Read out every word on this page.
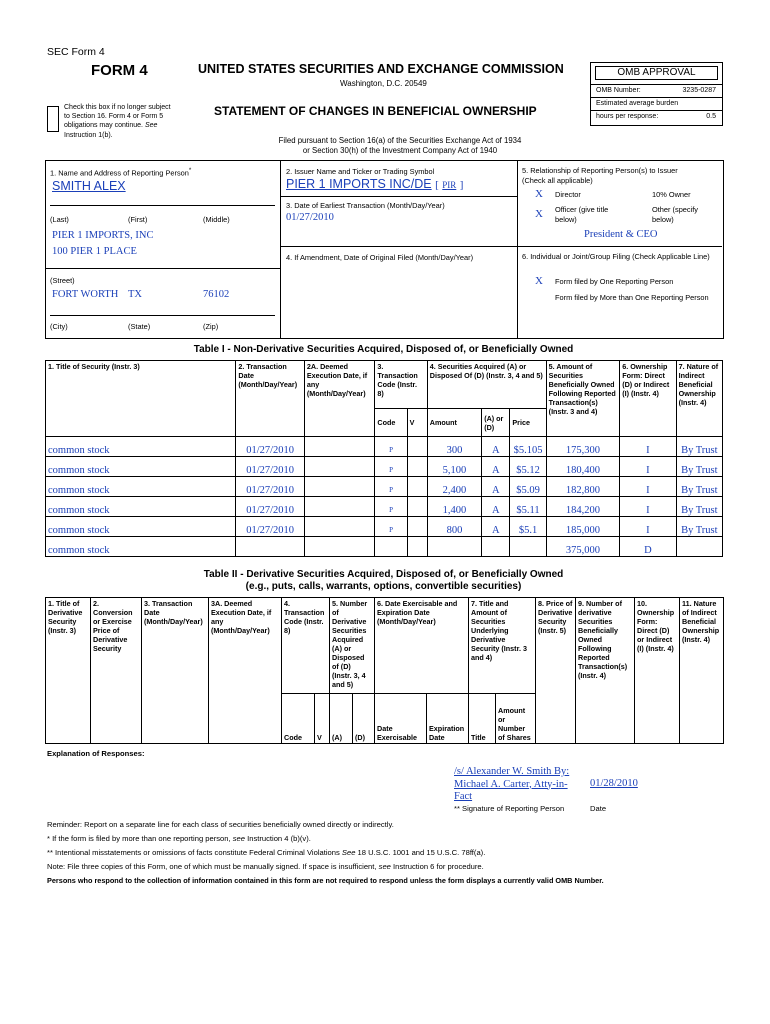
SEC Form 4
FORM 4	UNITED STATES SECURITIES AND EXCHANGE COMMISSION
Washington, D.C. 20549
STATEMENT OF CHANGES IN BENEFICIAL OWNERSHIP
Check this box if no longer subject
to Section 16. Form 4 or Form 5
obligations may continue. See
Instruction 1(b).
Filed pursuant to Section 16(a) of the Securities Exchange Act of 1934
or Section 30(h) of the Investment Company Act of 1940
OMB APPROVAL
OMB Number:	3235-0287
Estimated average burden
hours per response:	0.5
1. Name and Address of Reporting Person*
SMITH ALEX
(Last)	(First)	(Middle)
PIER 1 IMPORTS, INC
100 PIER 1 PLACE
(Street)
FORT WORTH TX	76102
(City)	(State)	(Zip)
2. Issuer Name and Ticker or Trading Symbol
PIER 1 IMPORTS INC/DE [ PIR ]
3. Date of Earliest Transaction (Month/Day/Year)
01/27/2010
4. If Amendment, Date of Original Filed (Month/Day/Year)
5. Relationship of Reporting Person(s) to Issuer
(Check all applicable)
X Director	10% Owner
X Officer (give title below)
Other (specify below)
President & CEO
6. Individual or Joint/Group Filing (Check Applicable Line)
X Form filed by One Reporting Person
Form filed by More than One Reporting Person
Table I - Non-Derivative Securities Acquired, Disposed of, or Beneficially Owned
1. Title of Security (Instr. 3)	2. Transaction Date (Month/Day/Year)	2A. Deemed Execution Date, if any (Month/Day/Year)	3. Transaction Code (Instr. 8)		4. Securities Acquired (A) or Disposed Of (D) (Instr. 3, 4 and 5)			5. Amount of Securities Beneficially Owned Following Reported Transaction(s) (Instr. 3 and 4)	6. Ownership Form: Direct (D) or Indirect (I) (Instr. 4)	7. Nature of Indirect Beneficial Ownership (Instr. 4)
			Code	V	Amount	(A) or (D)	Price			
common stock	01/27/2010		P		300	A	$5.105	175,300	I	By Trust
common stock	01/27/2010		P		5,100	A	$5.12	180,400	I	By Trust
common stock	01/27/2010		P		2,400	A	$5.09	182,800	I	By Trust
common stock	01/27/2010		P		1,400	A	$5.11	184,200	I	By Trust
common stock	01/27/2010		P		800	A	$5.1	185,000	I	By Trust
common stock								375,000	D	
Table II - Derivative Securities Acquired, Disposed of, or Beneficially Owned
(e.g., puts, calls, warrants, options, convertible securities)
1. Title of Derivative Security (Instr. 3)	2. Conversion or Exercise Price of Derivative Security	3. Transaction Date (Month/Day/Year)	3A. Deemed Execution Date, if any (Month/Day/Year)	4. Transaction Code (Instr. 8)		5. Number of Derivative Securities Acquired (A) or Disposed of (D) (Instr. 3, 4 and 5)		6. Date Exercisable and Expiration Date (Month/Day/Year)		7. Title and Amount of Securities Underlying Derivative Security (Instr. 3 and 4)		8. Price of Derivative Security (Instr. 5)	9. Number of derivative Securities Beneficially Owned Following Reported Transaction(s) (Instr. 4)	10. Ownership Form: Direct (D) or Indirect (I) (Instr. 4)	11. Nature of Indirect Beneficial Ownership (Instr. 4)
				Code	V	(A)	(D)	Date Exercisable	Expiration Date	Title	Amount or Number of Shares				
Explanation of Responses:
/s/ Alexander W. Smith By:
Michael A. Carter, Atty-in-
Fact
01/28/2010
** Signature of Reporting Person	Date
Reminder: Report on a separate line for each class of securities beneficially owned directly or indirectly.
* If the form is filed by more than one reporting person, see Instruction 4 (b)(v).
** Intentional misstatements or omissions of facts constitute Federal Criminal Violations See 18 U.S.C. 1001 and 15 U.S.C. 78ff(a).
Note: File three copies of this Form, one of which must be manually signed. If space is insufficient, see Instruction 6 for procedure.
Persons who respond to the collection of information contained in this form are not required to respond unless the form displays a currently valid OMB Number.
